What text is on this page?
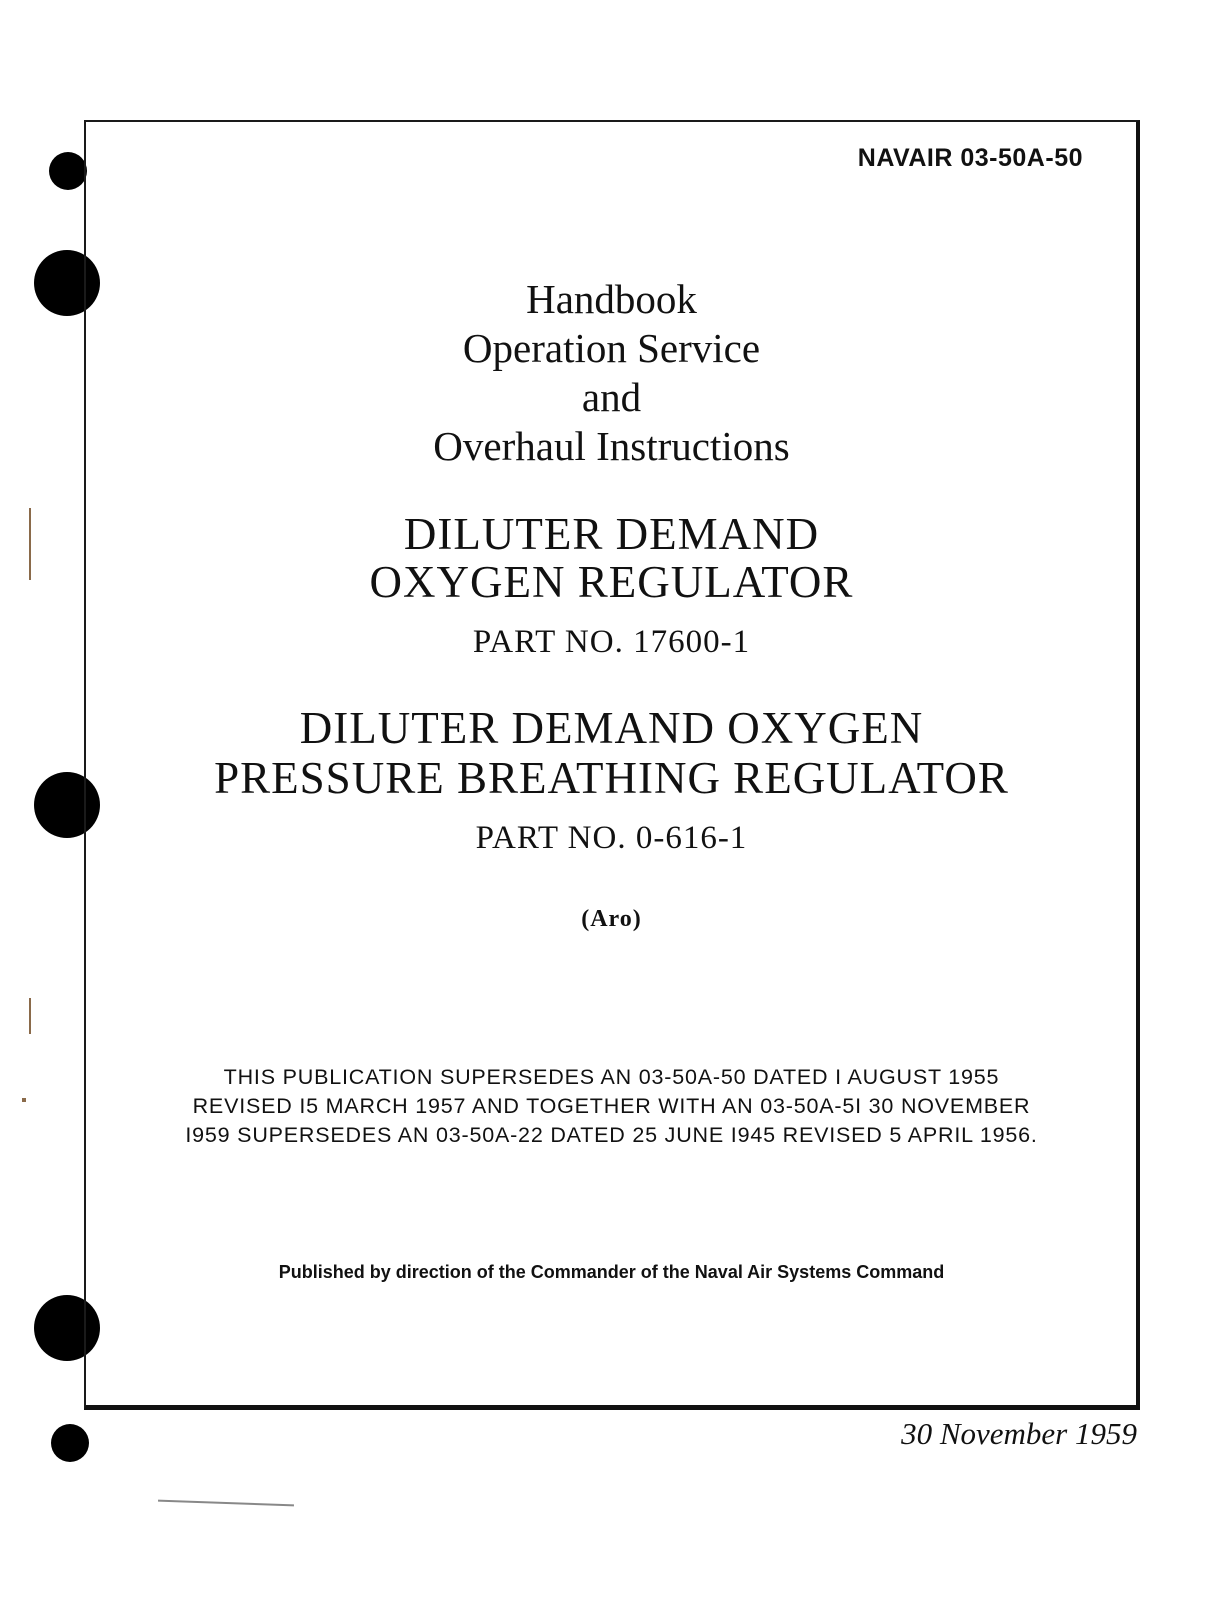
NAVAIR 03-50A-50
Handbook
Operation Service
and
Overhaul Instructions
DILUTER DEMAND
OXYGEN REGULATOR
PART NO. 17600-1
DILUTER DEMAND OXYGEN
PRESSURE BREATHING REGULATOR
PART NO. 0-616-1
(Aro)
THIS PUBLICATION SUPERSEDES AN 03-50A-50 DATED I AUGUST 1955
REVISED I5 MARCH 1957 AND TOGETHER WITH AN 03-50A-5I 30 NOVEMBER
I959 SUPERSEDES AN 03-50A-22 DATED 25 JUNE I945 REVISED 5 APRIL 1956.
Published by direction of the Commander of the Naval Air Systems Command
30 November 1959
